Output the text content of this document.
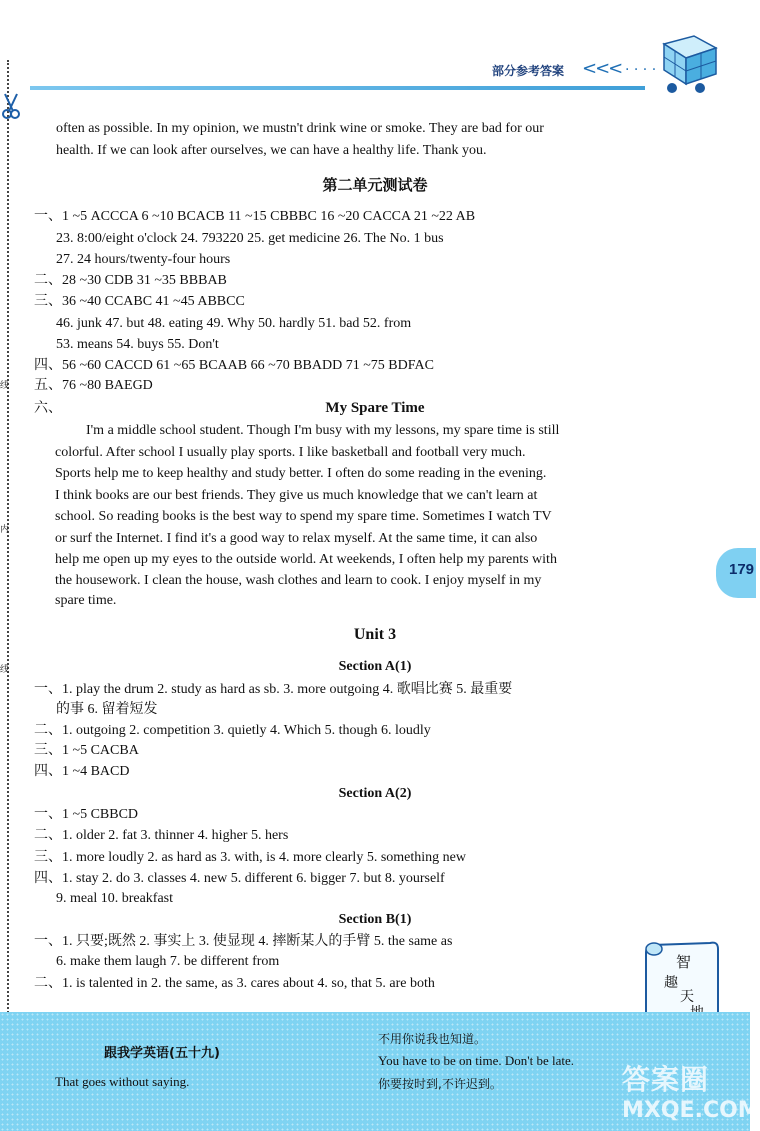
线
内
线
部分参考答案 <<< · · · ·
179
often as possible. In my opinion, we mustn't drink wine or smoke. They are bad for our
health. If we can look after ourselves, we can have a healthy life. Thank you.
第二单元测试卷
一、1 ~5 ACCCA 6 ~10 BCACB 11 ~15 CBBBC 16 ~20 CACCA 21 ~22 AB
23. 8:00/eight o'clock 24. 793220 25. get medicine 26. The No. 1 bus
27. 24 hours/twenty-four hours
二、28 ~30 CDB 31 ~35 BBBAB
三、36 ~40 CCABC 41 ~45 ABBCC
46. junk 47. but 48. eating 49. Why 50. hardly 51. bad 52. from
53. means 54. buys 55. Don't
四、56 ~60 CACCD 61 ~65 BCAAB 66 ~70 BBADD 71 ~75 BDFAC
五、76 ~80 BAEGD
六、	My Spare Time
I'm a middle school student. Though I'm busy with my lessons, my spare time is still
colorful. After school I usually play sports. I like basketball and football very much.
Sports help me to keep healthy and study better. I often do some reading in the evening.
I think books are our best friends. They give us much knowledge that we can't learn at
school. So reading books is the best way to spend my spare time. Sometimes I watch TV
or surf the Internet. I find it's a good way to relax myself. At the same time, it can also
help me open up my eyes to the outside world. At weekends, I often help my parents with
the housework. I clean the house, wash clothes and learn to cook. I enjoy myself in my
spare time.
Unit 3
Section A(1)
一、1. play the drum 2. study as hard as sb. 3. more outgoing 4. 歌唱比赛 5. 最重要
的事 6. 留着短发
二、1. outgoing 2. competition 3. quietly 4. Which 5. though 6. loudly
三、1 ~5 CACBA
四、1 ~4 BACD
Section A(2)
一、1 ~5 CBBCD
二、1. older 2. fat 3. thinner 4. higher 5. hers
三、1. more loudly 2. as hard as 3. with, is 4. more clearly 5. something new
四、1. stay 2. do 3. classes 4. new 5. different 6. bigger 7. but 8. yourself
9. meal 10. breakfast
Section B(1)
一、1. 只要;既然 2. 事实上 3. 使显现 4. 摔断某人的手臂 5. the same as
6. make them laugh 7. be different from
二、1. is talented in 2. the same, as 3. cares about 4. so, that 5. are both
智
趣
天
跟我学英语(五十九)
That goes without saying.
不用你说我也知道。
You have to be on time. Don't be late.
你要按时到,不许迟到。	答案圈
MXQE.COM
